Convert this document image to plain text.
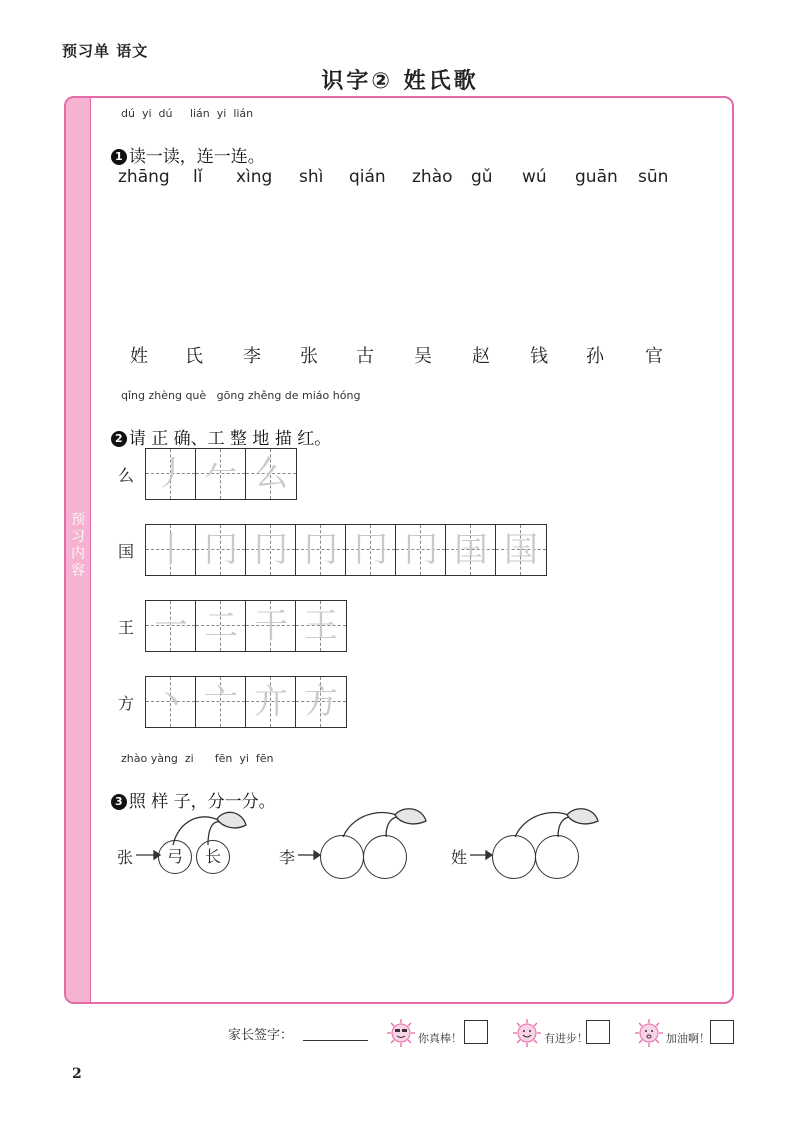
预习单 语文
识字② 姓氏歌
预
习
内
容
dú  yi  dú     lián  yi  lián

1 读一读，连一连。

zhāng lǐ xìng shì qián zhào gǔ wú guān sūn
姓 氏 李 张 古 吴 赵 钱 孙 官
qǐng zhèng què   gōng zhěng de miáo hóng

2 请 正 确、工 整 地 描 红。

么 丿 𠂉 么
国 丨 冂 冂 冂 冂 冂 囯 国
王 一 二 干 王
方 丶 亠 亣 方
zhào yàng  zi      fēn  yi  fēn

3 照 样 子，分一分。

张	弓	长	李	姓
家长签字：	你真棒！	有进步！	加油啊！
2
